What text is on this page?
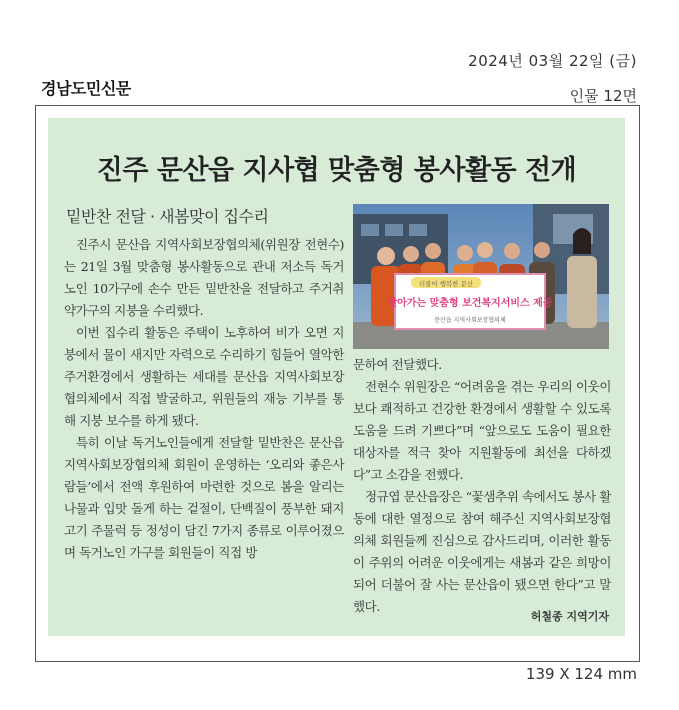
2024년 03월 22일 (금)
경남도민신문	인물 12면
진주 문산읍 지사협 맞춤형 봉사활동 전개
밑반찬 전달 · 새봄맞이 집수리
더불어 행복한 문산
찾아가는 맞춤형 보건복지서비스 제공
문산읍 지역사회보장협의체

진주시 문산읍 지역사회보장협의체(위원장 전현수)는 21일 3월 맞춤형 봉사활동으로 관내 저소득 독거노인 10가구에 손수 만든 밑반찬을 전달하고 주거취약가구의 지붕을 수리했다.

이번 집수리 활동은 주택이 노후하여 비가 오면 지붕에서 물이 새지만 자력으로 수리하기 힘들어 열악한 주거환경에서 생활하는 세대를 문산읍 지역사회보장협의체에서 직접 발굴하고, 위원들의 재능 기부를 통해 지붕 보수를 하게 됐다.

특히 이날 독거노인들에게 전달할 밑반찬은 문산읍 지역사회보장협의체 회원이 운영하는 ‘오리와 좋은사람들’에서 전액 후원하여 마련한 것으로 봄을 알리는 나물과 입맛 돌게 하는 겉절이, 단백질이 풍부한 돼지고기 주물럭 등 정성이 담긴 7가지 종류로 이루어졌으며 독거노인 가구를 회원들이 직접 방

문하여 전달했다.

전현수 위원장은 “어려움을 겪는 우리의 이웃이 보다 쾌적하고 건강한 환경에서 생활할 수 있도록 도움을 드려 기쁘다”며 “앞으로도 도움이 필요한 대상자를 적극 찾아 지원활동에 최선을 다하겠다”고 소감을 전했다.

정규엽 문산읍장은 “꽃샘추위 속에서도 봉사 활동에 대한 열정으로 참여 해주신 지역사회보장협의체 회원들께 진심으로 감사드리며, 이러한 활동이 주위의 어려운 이웃에게는 새봄과 같은 희망이 되어 더불어 잘 사는 문산읍이 됐으면 한다”고 말했다.

허철종 지역기자
139 X 124 mm
